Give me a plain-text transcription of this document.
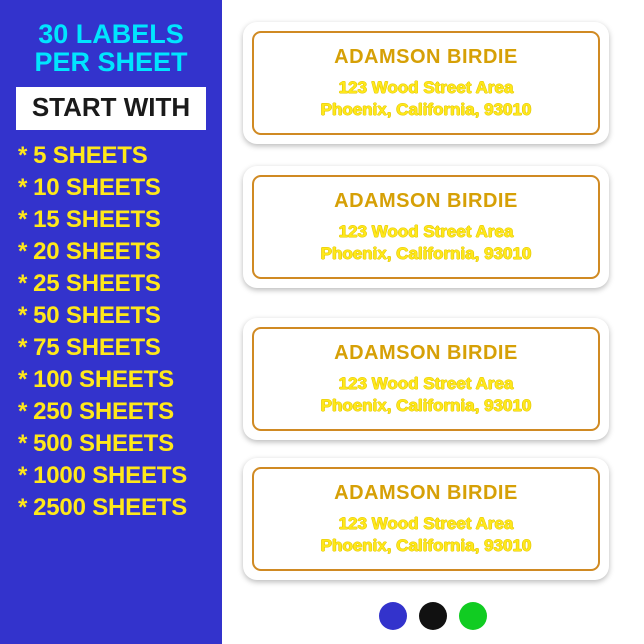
30 LABELS
PER SHEET
START WITH
* 5 SHEETS
* 10 SHEETS
* 15 SHEETS
* 20 SHEETS
* 25 SHEETS
* 50 SHEETS
* 75 SHEETS
* 100 SHEETS
* 250 SHEETS
* 500 SHEETS
* 1000 SHEETS
* 2500 SHEETS
ADAMSON BIRDIE
123 Wood Street Area
Phoenix, California, 93010
ADAMSON BIRDIE
123 Wood Street Area
Phoenix, California, 93010
ADAMSON BIRDIE
123 Wood Street Area
Phoenix, California, 93010
ADAMSON BIRDIE
123 Wood Street Area
Phoenix, California, 93010
